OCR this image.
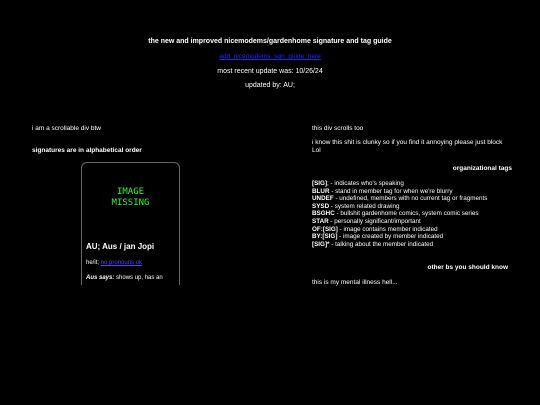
the new and improved nicemodems/gardenhome signature and tag guide
add_nicemodems_sgn_guide_here
most recent update was: 10/26/24
updated by: AU;

i am a scrollable div btw

signatures are in alphabetical order

IMAGE
MISSING
AU; Aus / jan Jopi
he/it; no pronouns ok
Aus says: shows up, has an

this div scrolls too

i know this shit is clunky so if you find it annoying please just block Lol

organizational tags
[SIG]; - indicates who's speaking
BLUR - stand in member tag for when we're blurry
UNDEF - undefined, members with no current tag or fragments
SYSD - system related drawing
BSGHC - bullshit gardenhome comics, system comic series
STAR - personally significant/important
OF:[SIG] - image contains member indicated
BY:[SIG] - image created by member indicated
[SIG]* - talking about the member indicated
other bs you should know
this is my mental illness hell...
